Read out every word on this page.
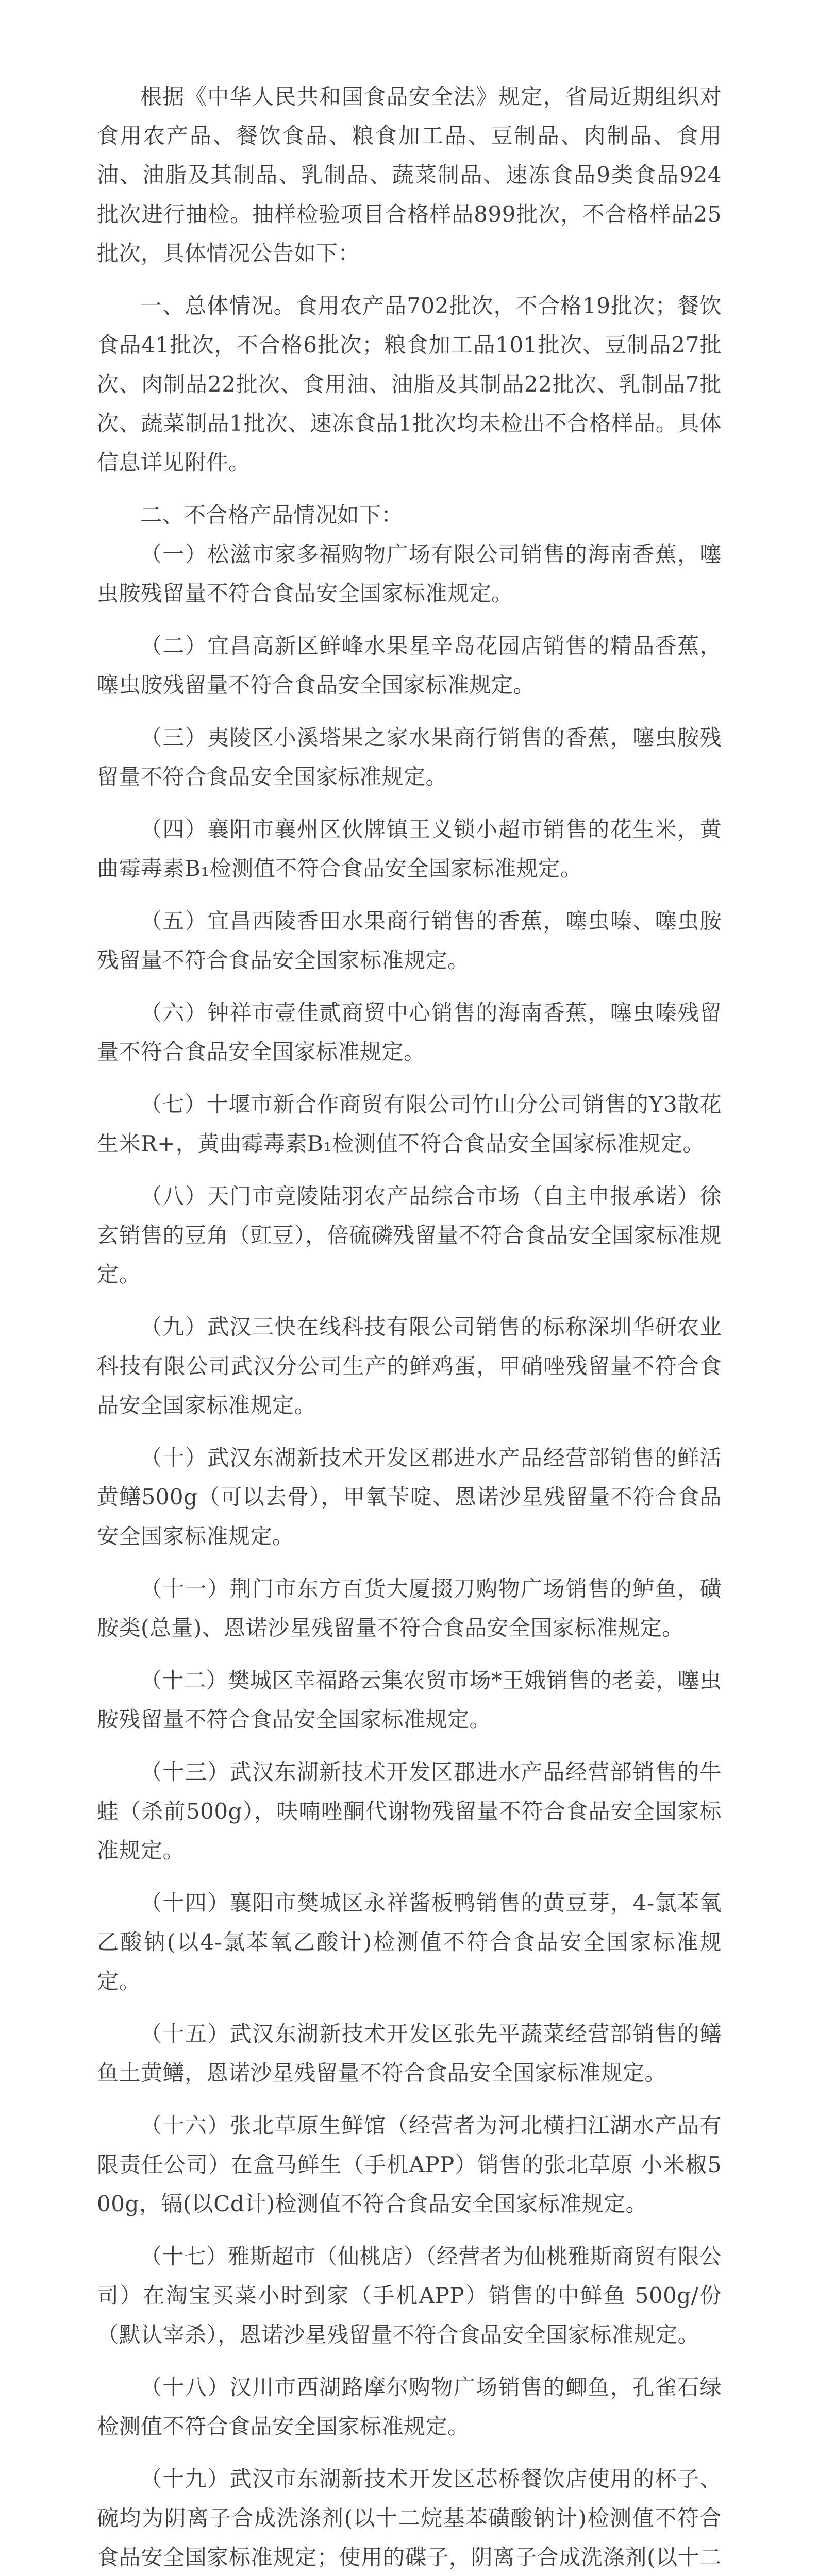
根据《中华人民共和国食品安全法》规定，省局近期组织对食用农产品、餐饮食品、粮食加工品、豆制品、肉制品、食用油、油脂及其制品、乳制品、蔬菜制品、速冻食品9类食品924批次进行抽检。抽样检验项目合格样品899批次，不合格样品25批次，具体情况公告如下：

一、总体情况。食用农产品702批次，不合格19批次；餐饮食品41批次，不合格6批次；粮食加工品101批次、豆制品27批次、肉制品22批次、食用油、油脂及其制品22批次、乳制品7批次、蔬菜制品1批次、速冻食品1批次均未检出不合格样品。具体信息详见附件。

二、不合格产品情况如下：

（一）松滋市家多福购物广场有限公司销售的海南香蕉，噻虫胺残留量不符合食品安全国家标准规定。

（二）宜昌高新区鲜峰水果星辛岛花园店销售的精品香蕉，噻虫胺残留量不符合食品安全国家标准规定。

（三）夷陵区小溪塔果之家水果商行销售的香蕉，噻虫胺残留量不符合食品安全国家标准规定。

（四）襄阳市襄州区伙牌镇王义锁小超市销售的花生米，黄曲霉毒素B₁检测值不符合食品安全国家标准规定。

（五）宜昌西陵香田水果商行销售的香蕉，噻虫嗪、噻虫胺残留量不符合食品安全国家标准规定。

（六）钟祥市壹佳贰商贸中心销售的海南香蕉，噻虫嗪残留量不符合食品安全国家标准规定。

（七）十堰市新合作商贸有限公司竹山分公司销售的Y3散花生米R+，黄曲霉毒素B₁检测值不符合食品安全国家标准规定。

（八）天门市竟陵陆羽农产品综合市场（自主申报承诺）徐玄销售的豆角（豇豆），倍硫磷残留量不符合食品安全国家标准规定。

（九）武汉三快在线科技有限公司销售的标称深圳华研农业科技有限公司武汉分公司生产的鲜鸡蛋，甲硝唑残留量不符合食品安全国家标准规定。

（十）武汉东湖新技术开发区郡进水产品经营部销售的鲜活黄鳝500g（可以去骨），甲氧苄啶、恩诺沙星残留量不符合食品安全国家标准规定。

（十一）荆门市东方百货大厦掇刀购物广场销售的鲈鱼，磺胺类(总量)、恩诺沙星残留量不符合食品安全国家标准规定。

（十二）樊城区幸福路云集农贸市场*王娥销售的老姜，噻虫胺残留量不符合食品安全国家标准规定。

（十三）武汉东湖新技术开发区郡进水产品经营部销售的牛蛙（杀前500g），呋喃唑酮代谢物残留量不符合食品安全国家标准规定。

（十四）襄阳市樊城区永祥酱板鸭销售的黄豆芽，4-氯苯氧乙酸钠(以4-氯苯氧乙酸计)检测值不符合食品安全国家标准规定。

（十五）武汉东湖新技术开发区张先平蔬菜经营部销售的鳝鱼土黄鳝，恩诺沙星残留量不符合食品安全国家标准规定。

（十六）张北草原生鲜馆（经营者为河北横扫江湖水产品有限责任公司）在盒马鲜生（手机APP）销售的张北草原 小米椒500g，镉(以Cd计)检测值不符合食品安全国家标准规定。

（十七）雅斯超市（仙桃店）（经营者为仙桃雅斯商贸有限公司）在淘宝买菜小时到家（手机APP）销售的中鲜鱼 500g/份（默认宰杀），恩诺沙星残留量不符合食品安全国家标准规定。

（十八）汉川市西湖路摩尔购物广场销售的鲫鱼，孔雀石绿检测值不符合食品安全国家标准规定。

（十九）武汉市东湖新技术开发区芯桥餐饮店使用的杯子、碗均为阴离子合成洗涤剂(以十二烷基苯磺酸钠计)检测值不符合食品安全国家标准规定；使用的碟子，阴离子合成洗涤剂(以十二
